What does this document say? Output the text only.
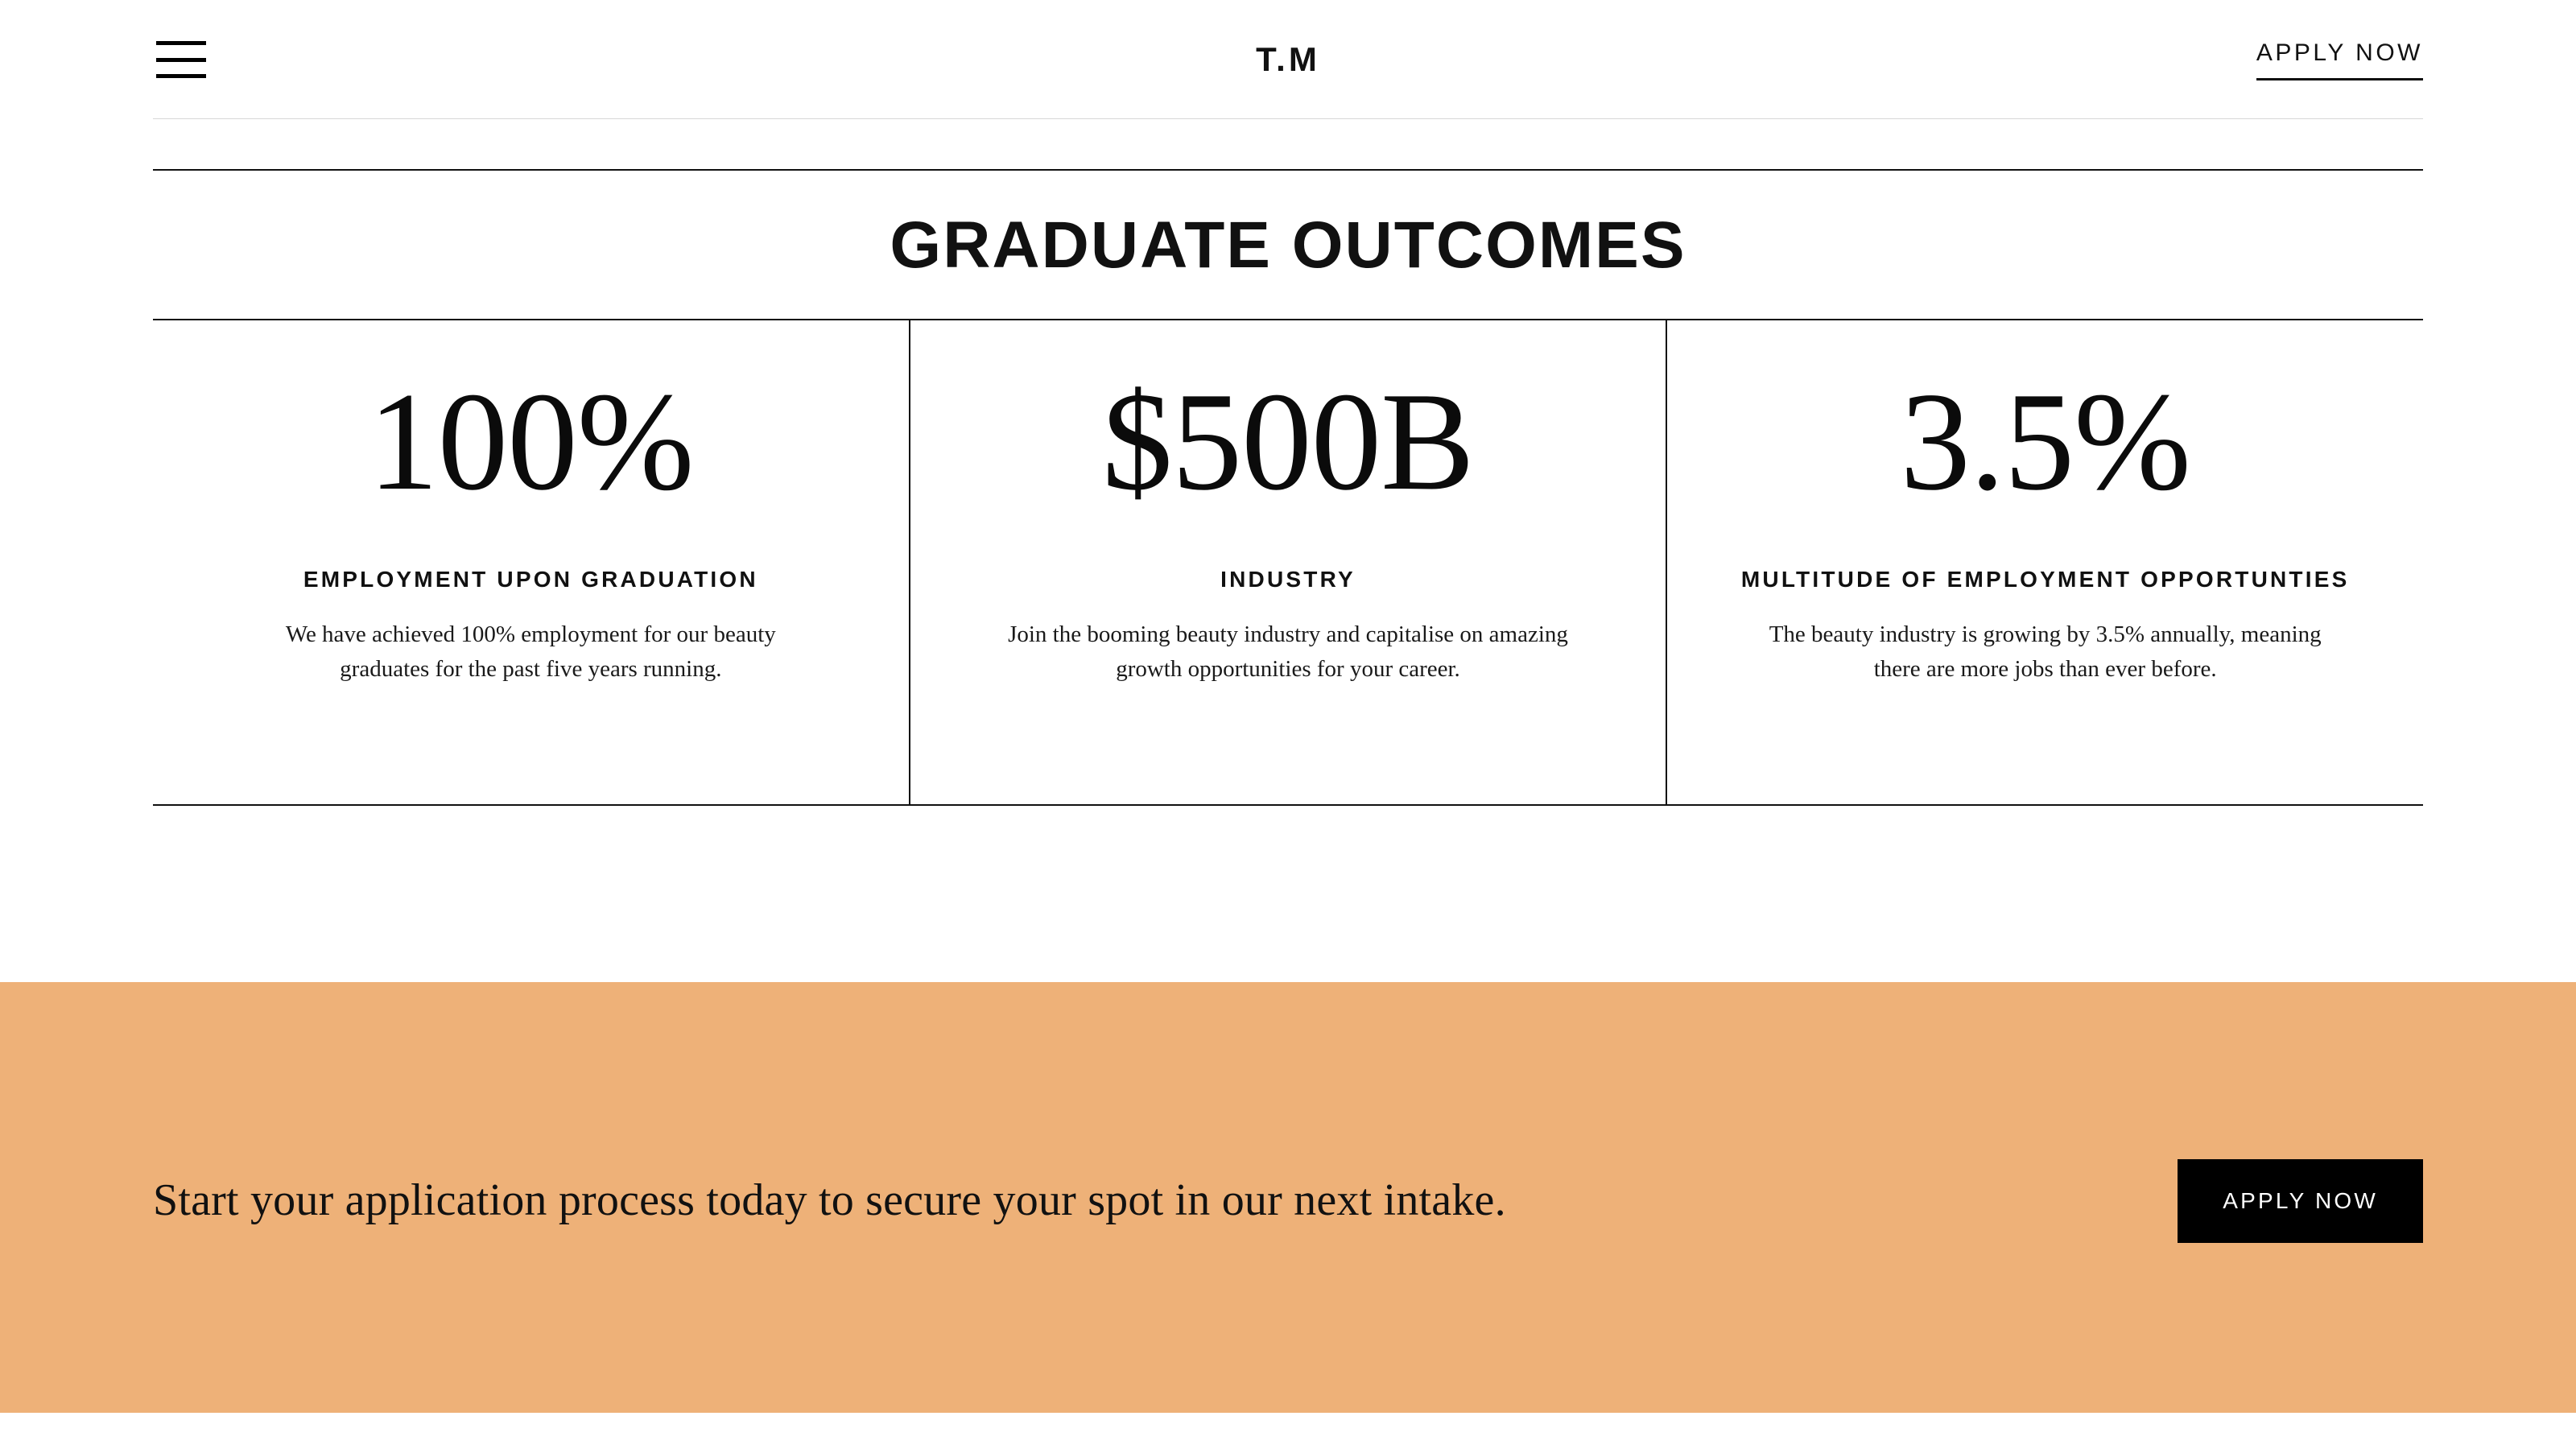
T.M	APPLY NOW
GRADUATE OUTCOMES
100%
EMPLOYMENT UPON GRADUATION
We have achieved 100% employment for our beauty graduates for the past five years running.
$500B
INDUSTRY
Join the booming beauty industry and capitalise on amazing growth opportunities for your career.
3.5%
MULTITUDE OF EMPLOYMENT OPPORTUNTIES
The beauty industry is growing by 3.5% annually, meaning there are more jobs than ever before.
Start your application process today to secure your spot in our next intake.	APPLY NOW
